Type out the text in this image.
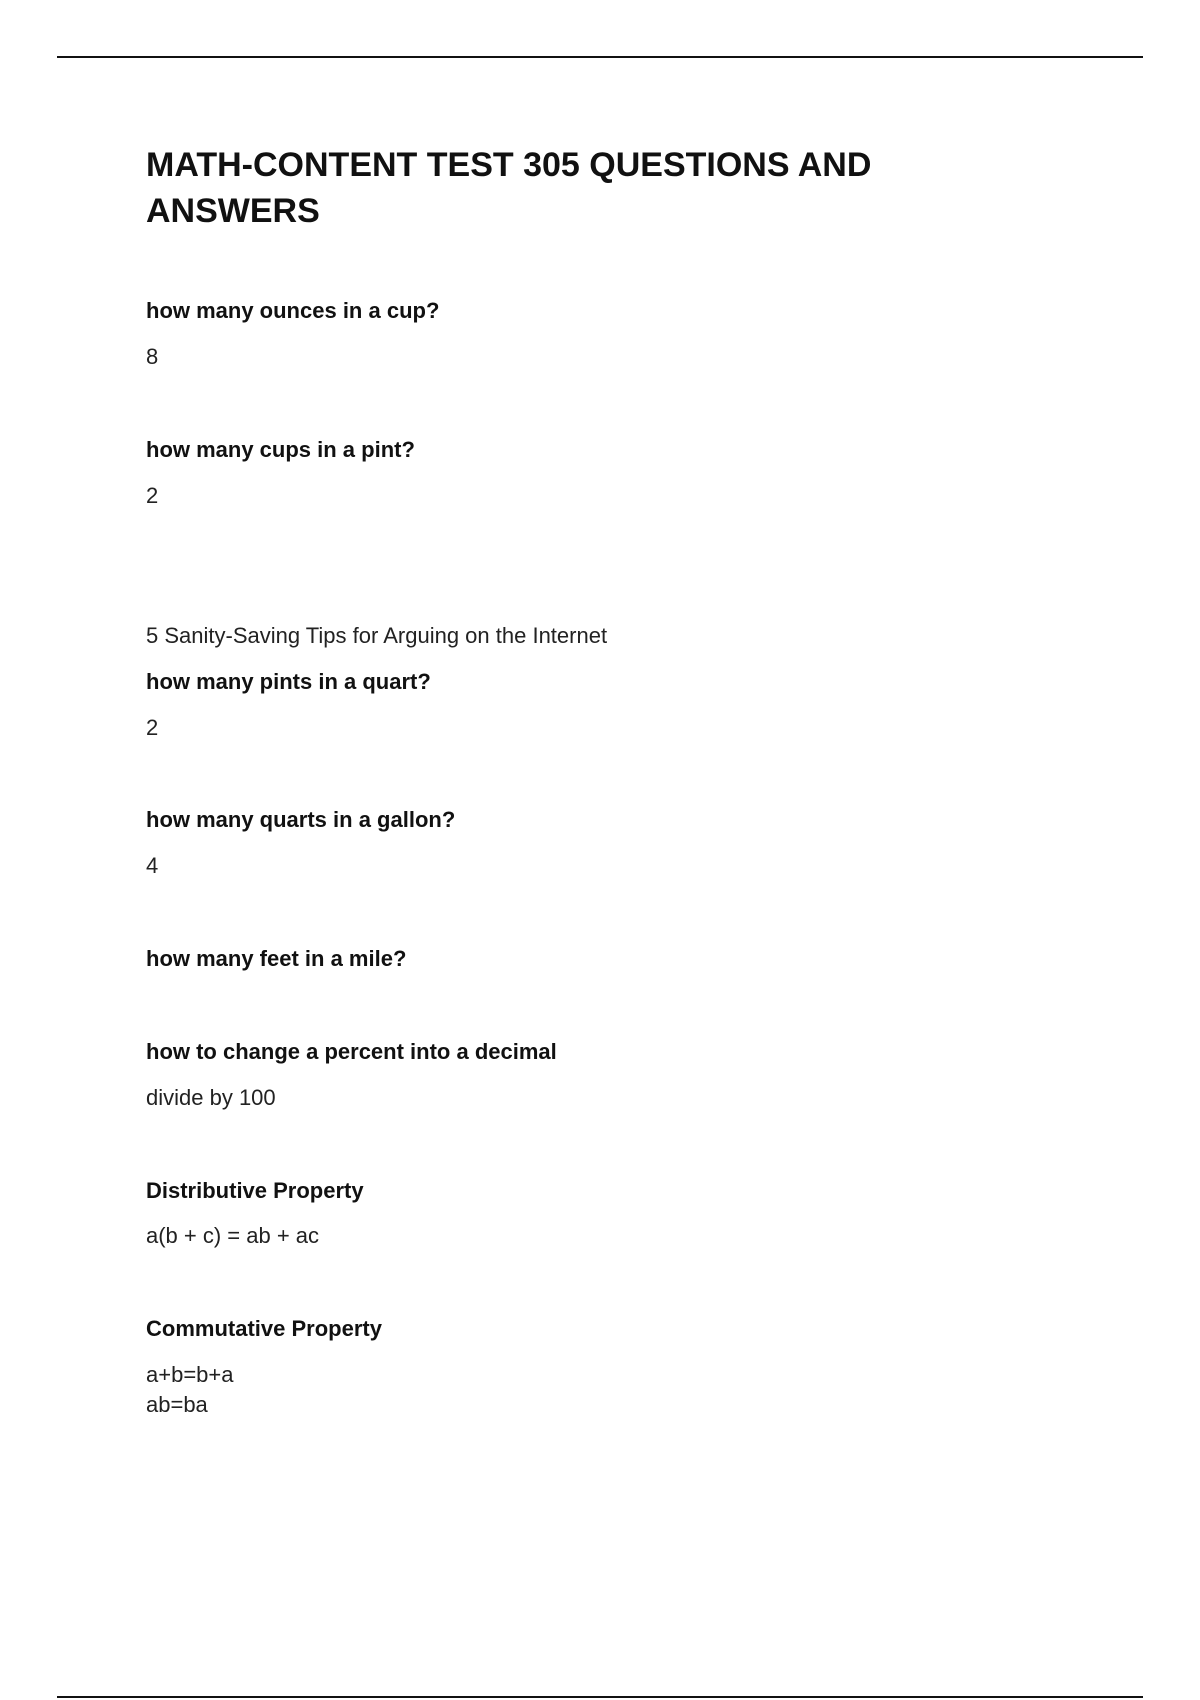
MATH-CONTENT TEST 305 QUESTIONS AND ANSWERS
how many ounces in a cup?
8
how many cups in a pint?
2
5 Sanity-Saving Tips for Arguing on the Internet
how many pints in a quart?
2
how many quarts in a gallon?
4
how many feet in a mile?
how to change a percent into a decimal
divide by 100
Distributive Property
a(b + c) = ab + ac
Commutative Property
a+b=b+a
ab=ba
